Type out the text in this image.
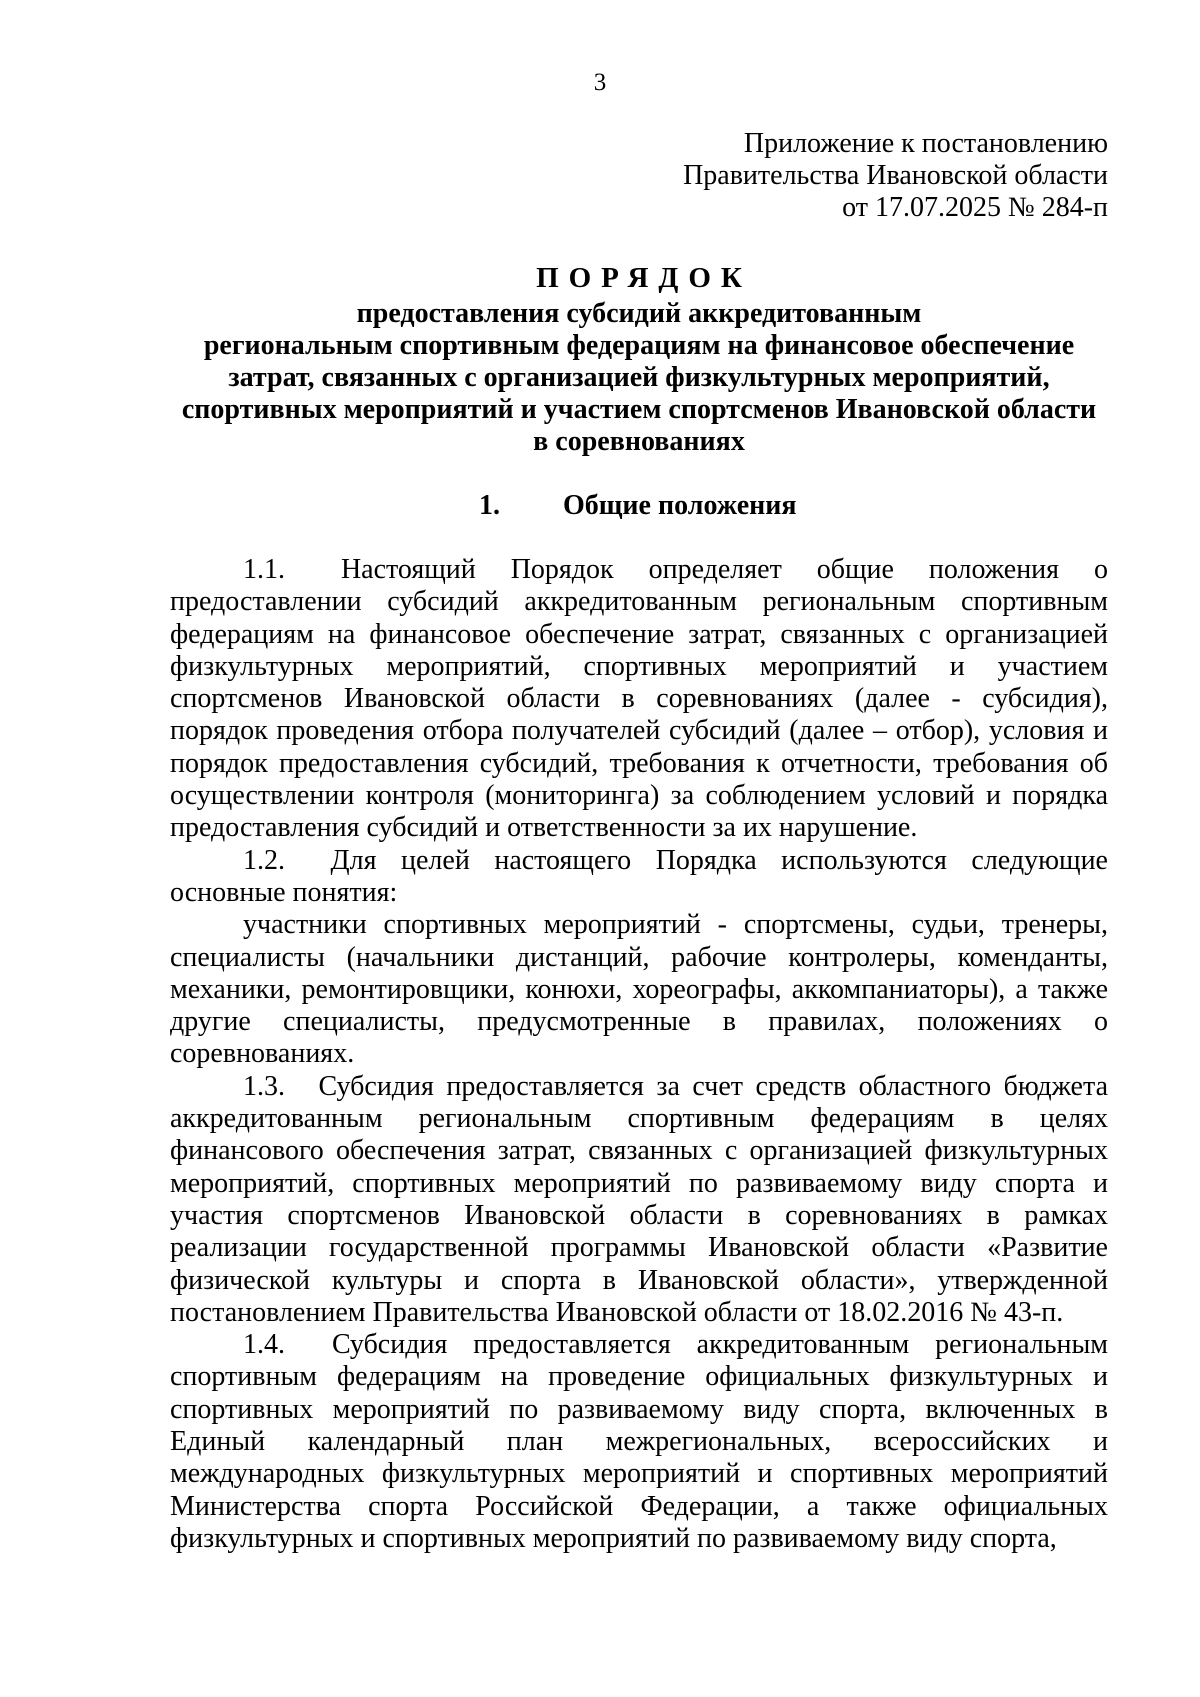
3
Приложение к постановлению
Правительства Ивановской области
от 17.07.2025 № 284-п
ПОРЯДОК
предоставления субсидий аккредитованным
региональным спортивным федерациям на финансовое обеспечение
затрат, связанных с организацией физкультурных мероприятий,
спортивных мероприятий и участием спортсменов Ивановской области
в соревнованиях
1. Общие положения

1.1. Настоящий Порядок определяет общие положения о предоставлении субсидий аккредитованным региональным спортивным федерациям на финансовое обеспечение затрат, связанных с организацией физкультурных мероприятий, спортивных мероприятий и участием спортсменов Ивановской области в соревнованиях (далее - субсидия), порядок проведения отбора получателей субсидий (далее – отбор), условия и порядок предоставления субсидий, требования к отчетности, требования об осуществлении контроля (мониторинга) за соблюдением условий и порядка предоставления субсидий и ответственности за их нарушение.

1.2. Для целей настоящего Порядка используются следующие основные понятия:

участники спортивных мероприятий - спортсмены, судьи, тренеры, специалисты (начальники дистанций, рабочие контролеры, коменданты, механики, ремонтировщики, конюхи, хореографы, аккомпаниаторы), а также другие специалисты, предусмотренные в правилах, положениях о соревнованиях.

1.3. Субсидия предоставляется за счет средств областного бюджета аккредитованным региональным спортивным федерациям в целях финансового обеспечения затрат, связанных с организацией физкультурных мероприятий, спортивных мероприятий по развиваемому виду спорта и участия спортсменов Ивановской области в соревнованиях в рамках реализации государственной программы Ивановской области «Развитие физической культуры и спорта в Ивановской области», утвержденной постановлением Правительства Ивановской области от 18.02.2016 № 43-п.

1.4. Субсидия предоставляется аккредитованным региональным спортивным федерациям на проведение официальных физкультурных и спортивных мероприятий по развиваемому виду спорта, включенных в Единый календарный план межрегиональных, всероссийских и международных физкультурных мероприятий и спортивных мероприятий Министерства спорта Российской Федерации, а также официальных физкультурных и спортивных мероприятий по развиваемому виду спорта,
